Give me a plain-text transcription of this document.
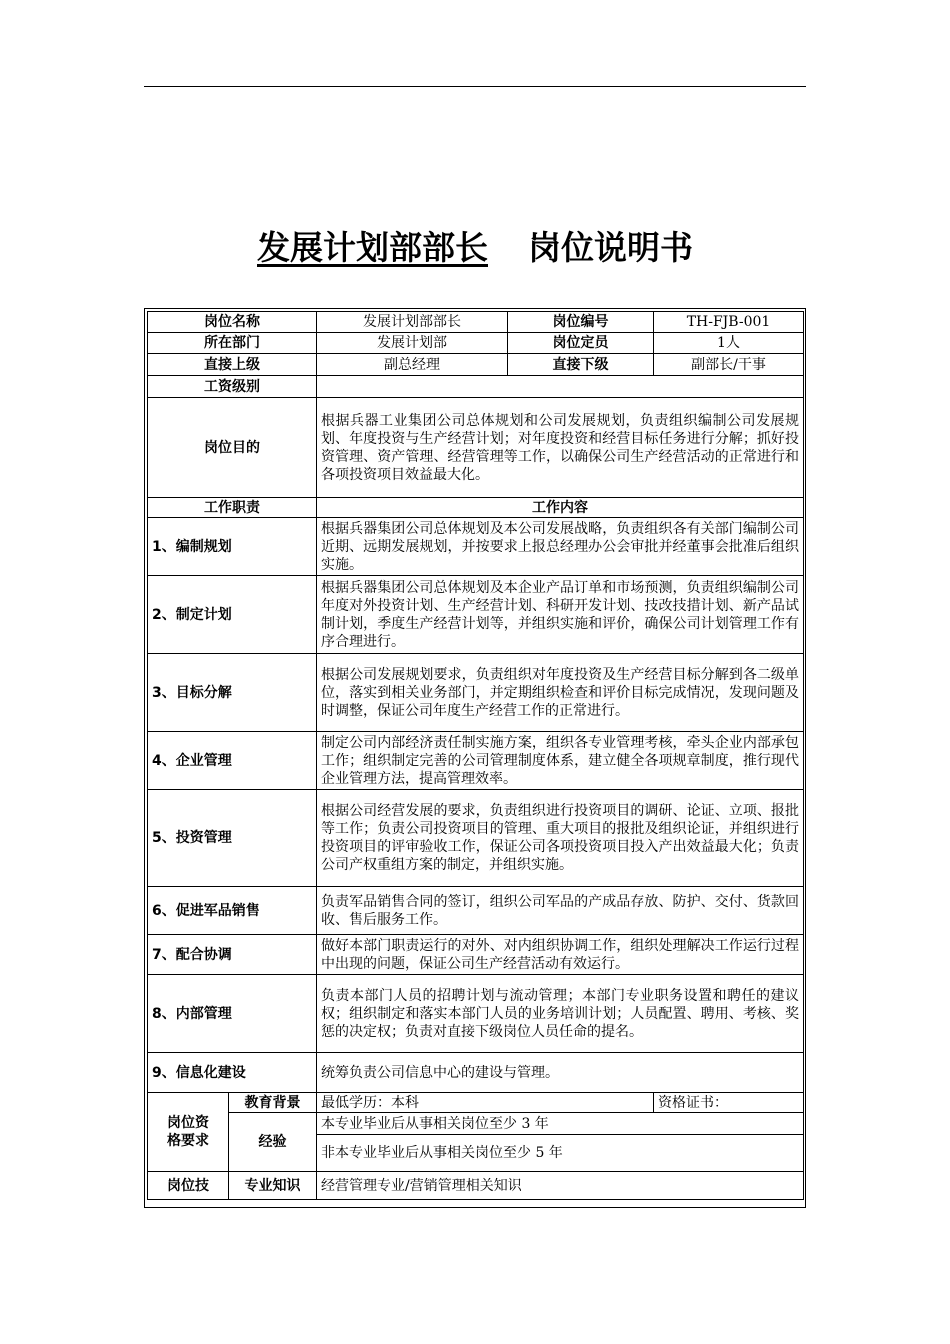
发展计划部部长 岗位说明书
岗位名称		发展计划部部长	岗位编号	TH-FJB-001
所在部门		发展计划部	岗位定员	1人
直接上级		副总经理	直接下级	副部长/干事
工资级别				
岗位目的		根据兵器工业集团公司总体规划和公司发展规划，负责组织编制公司发展规划、年度投资与生产经营计划；对年度投资和经营目标任务进行分解；抓好投资管理、资产管理、经营管理等工作，以确保公司生产经营活动的正常进行和各项投资项目效益最大化。		
工作职责		工作内容		
1、编制规划		根据兵器集团公司总体规划及本公司发展战略，负责组织各有关部门编制公司近期、远期发展规划，并按要求上报总经理办公会审批并经董事会批准后组织实施。		
2、制定计划		根据兵器集团公司总体规划及本企业产品订单和市场预测，负责组织编制公司年度对外投资计划、生产经营计划、科研开发计划、技改技措计划、新产品试制计划，季度生产经营计划等，并组织实施和评价，确保公司计划管理工作有序合理进行。		
3、目标分解		根据公司发展规划要求，负责组织对年度投资及生产经营目标分解到各二级单位，落实到相关业务部门，并定期组织检查和评价目标完成情况，发现问题及时调整，保证公司年度生产经营工作的正常进行。		
4、企业管理		制定公司内部经济责任制实施方案，组织各专业管理考核，牵头企业内部承包工作；组织制定完善的公司管理制度体系，建立健全各项规章制度，推行现代企业管理方法，提高管理效率。		
5、投资管理		根据公司经营发展的要求，负责组织进行投资项目的调研、论证、立项、报批等工作；负责公司投资项目的管理、重大项目的报批及组织论证，并组织进行投资项目的评审验收工作，保证公司各项投资项目投入产出效益最大化；负责公司产权重组方案的制定，并组织实施。		
6、促进军品销售		负责军品销售合同的签订，组织公司军品的产成品存放、防护、交付、货款回收、售后服务工作。		
7、配合协调		做好本部门职责运行的对外、对内组织协调工作，组织处理解决工作运行过程中出现的问题，保证公司生产经营活动有效运行。		
8、内部管理		负责本部门人员的招聘计划与流动管理；本部门专业职务设置和聘任的建议权；组织制定和落实本部门人员的业务培训计划；人员配置、聘用、考核、奖惩的决定权；负责对直接下级岗位人员任命的提名。		
9、信息化建设		统筹负责公司信息中心的建设与管理。		

岗位资
格要求	教育背景	最低学历：本科		资格证书：
	经验	本专业毕业后从事相关岗位至少 3 年		
		非本专业毕业后从事相关岗位至少 5 年		
岗位技	专业知识	经营管理专业/营销管理相关知识		
